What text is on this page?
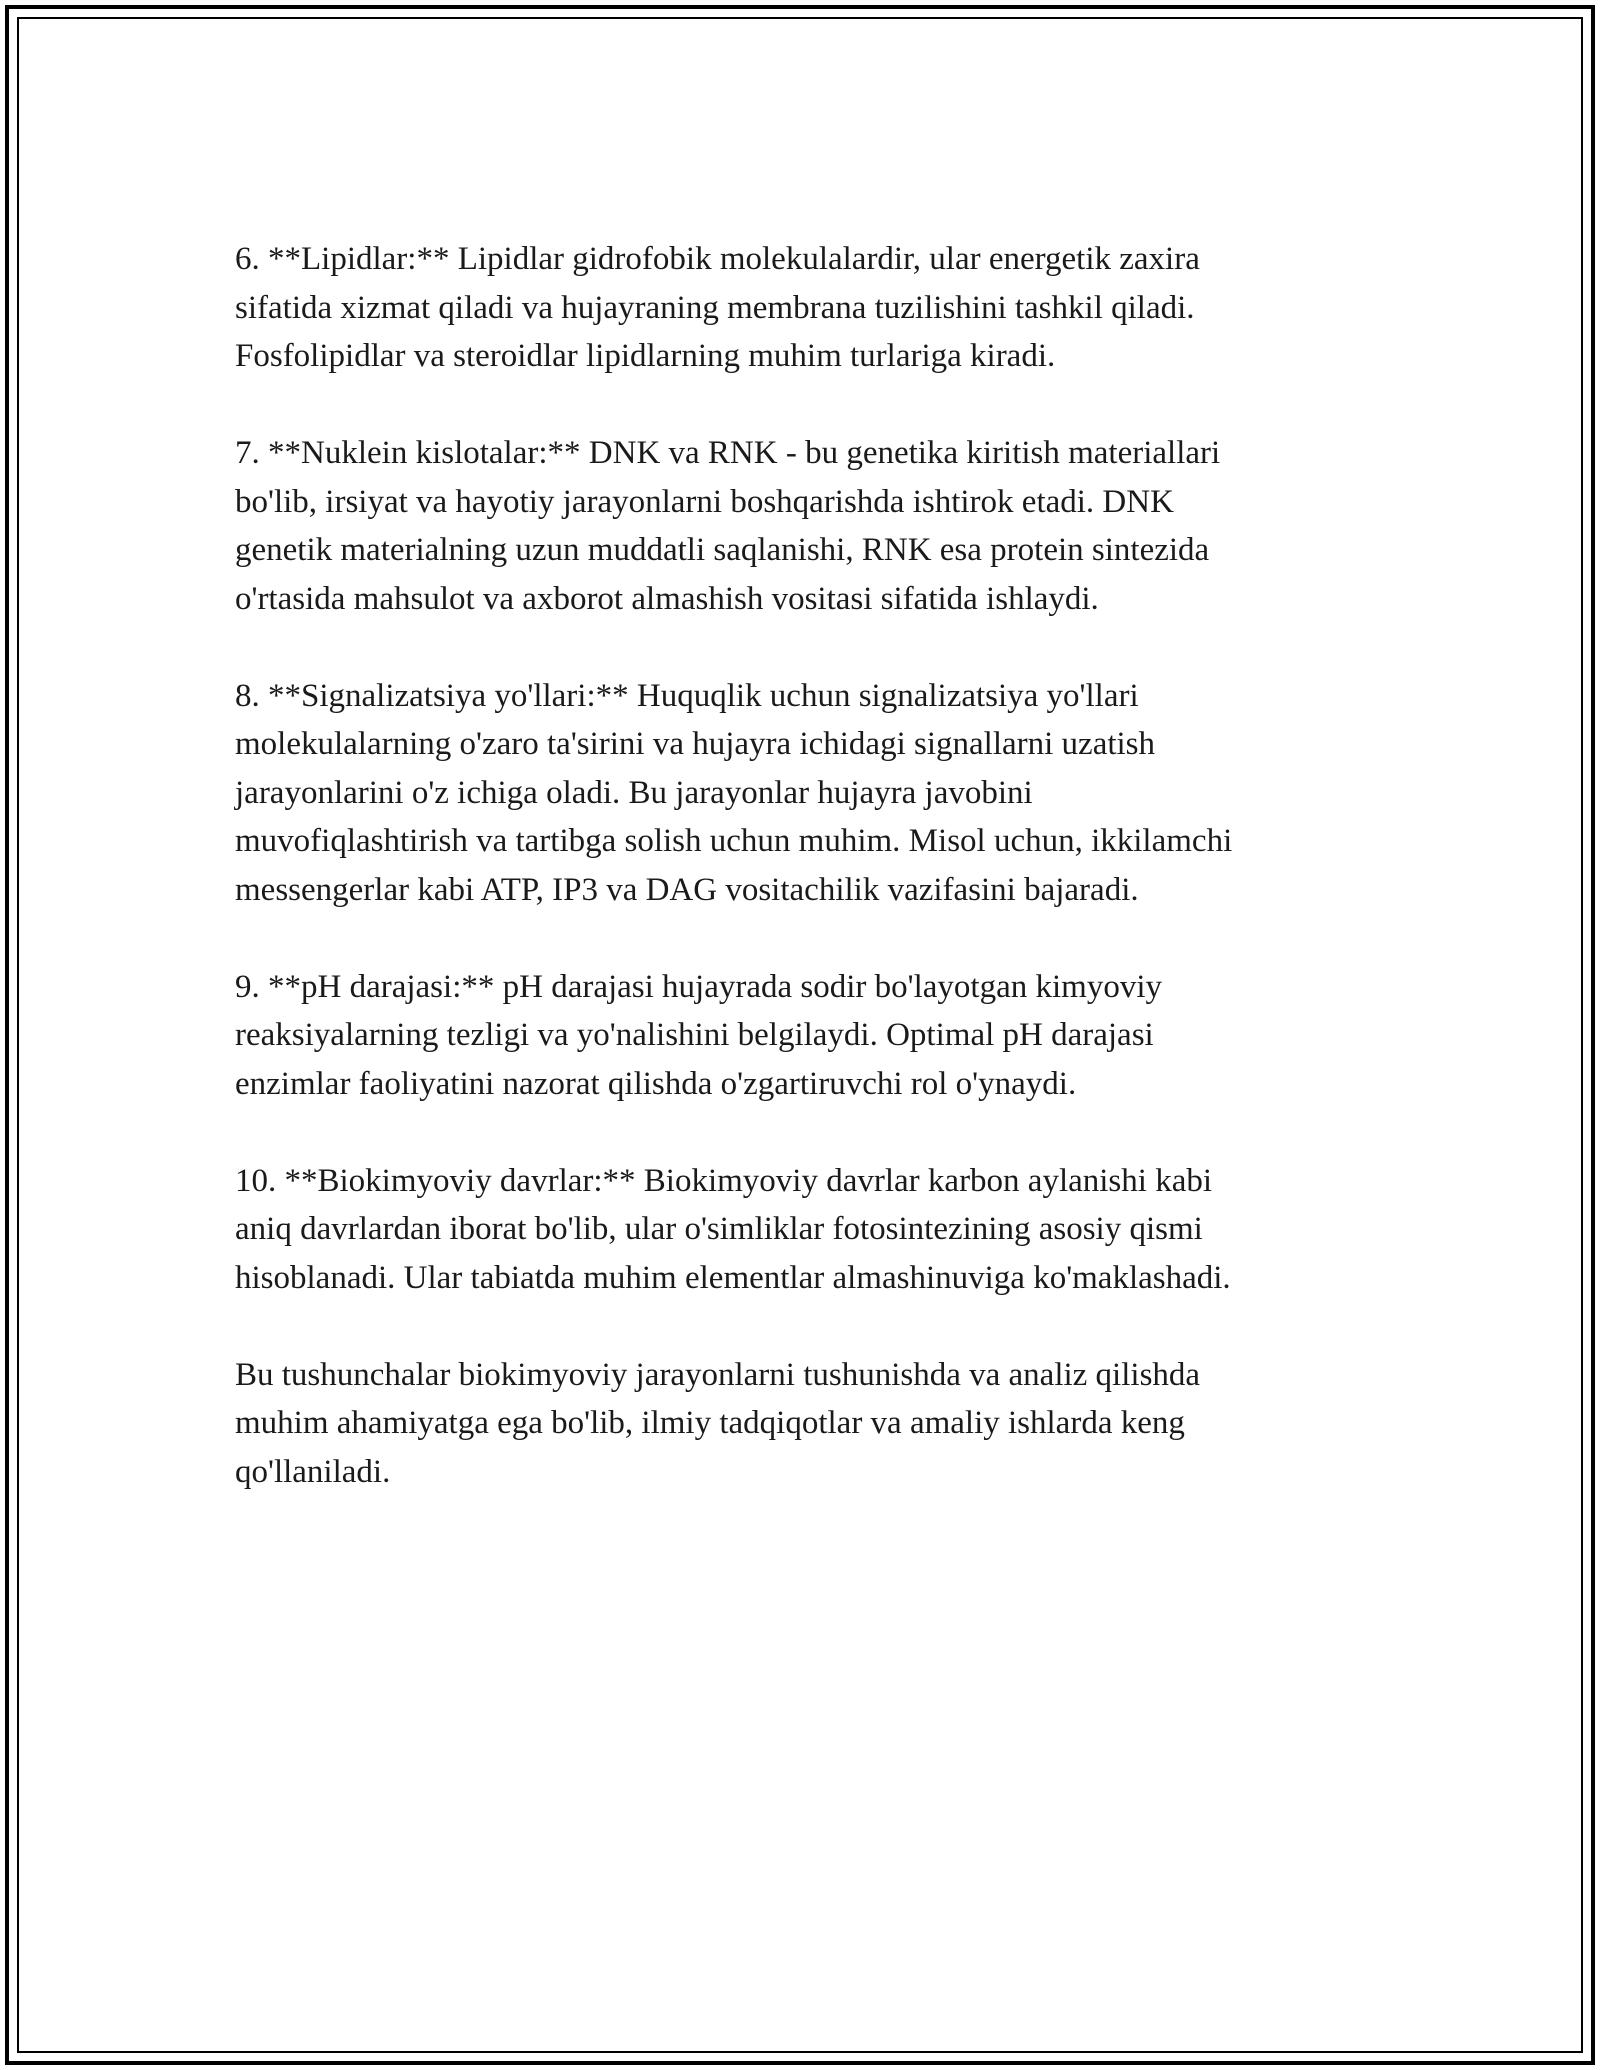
6. **Lipidlar:** Lipidlar gidrofobik molekulalardir, ular energetik zaxira
sifatida xizmat qiladi va hujayraning membrana tuzilishini tashkil qiladi.
Fosfolipidlar va steroidlar lipidlarning muhim turlariga kiradi.

7. **Nuklein kislotalar:** DNK va RNK - bu genetika kiritish materiallari
bo'lib, irsiyat va hayotiy jarayonlarni boshqarishda ishtirok etadi. DNK
genetik materialning uzun muddatli saqlanishi, RNK esa protein sintezida
o'rtasida mahsulot va axborot almashish vositasi sifatida ishlaydi.

8. **Signalizatsiya yo'llari:** Huquqlik uchun signalizatsiya yo'llari
molekulalarning o'zaro ta'sirini va hujayra ichidagi signallarni uzatish
jarayonlarini o'z ichiga oladi. Bu jarayonlar hujayra javobini
muvofiqlashtirish va tartibga solish uchun muhim. Misol uchun, ikkilamchi
messengerlar kabi ATP, IP3 va DAG vositachilik vazifasini bajaradi.

9. **pH darajasi:** pH darajasi hujayrada sodir bo'layotgan kimyoviy
reaksiyalarning tezligi va yo'nalishini belgilaydi. Optimal pH darajasi
enzimlar faoliyatini nazorat qilishda o'zgartiruvchi rol o'ynaydi.

10. **Biokimyoviy davrlar:** Biokimyoviy davrlar karbon aylanishi kabi
aniq davrlardan iborat bo'lib, ular o'simliklar fotosintezining asosiy qismi
hisoblanadi. Ular tabiatda muhim elementlar almashinuviga ko'maklashadi.

Bu tushunchalar biokimyoviy jarayonlarni tushunishda va analiz qilishda
muhim ahamiyatga ega bo'lib, ilmiy tadqiqotlar va amaliy ishlarda keng
qo'llaniladi.
